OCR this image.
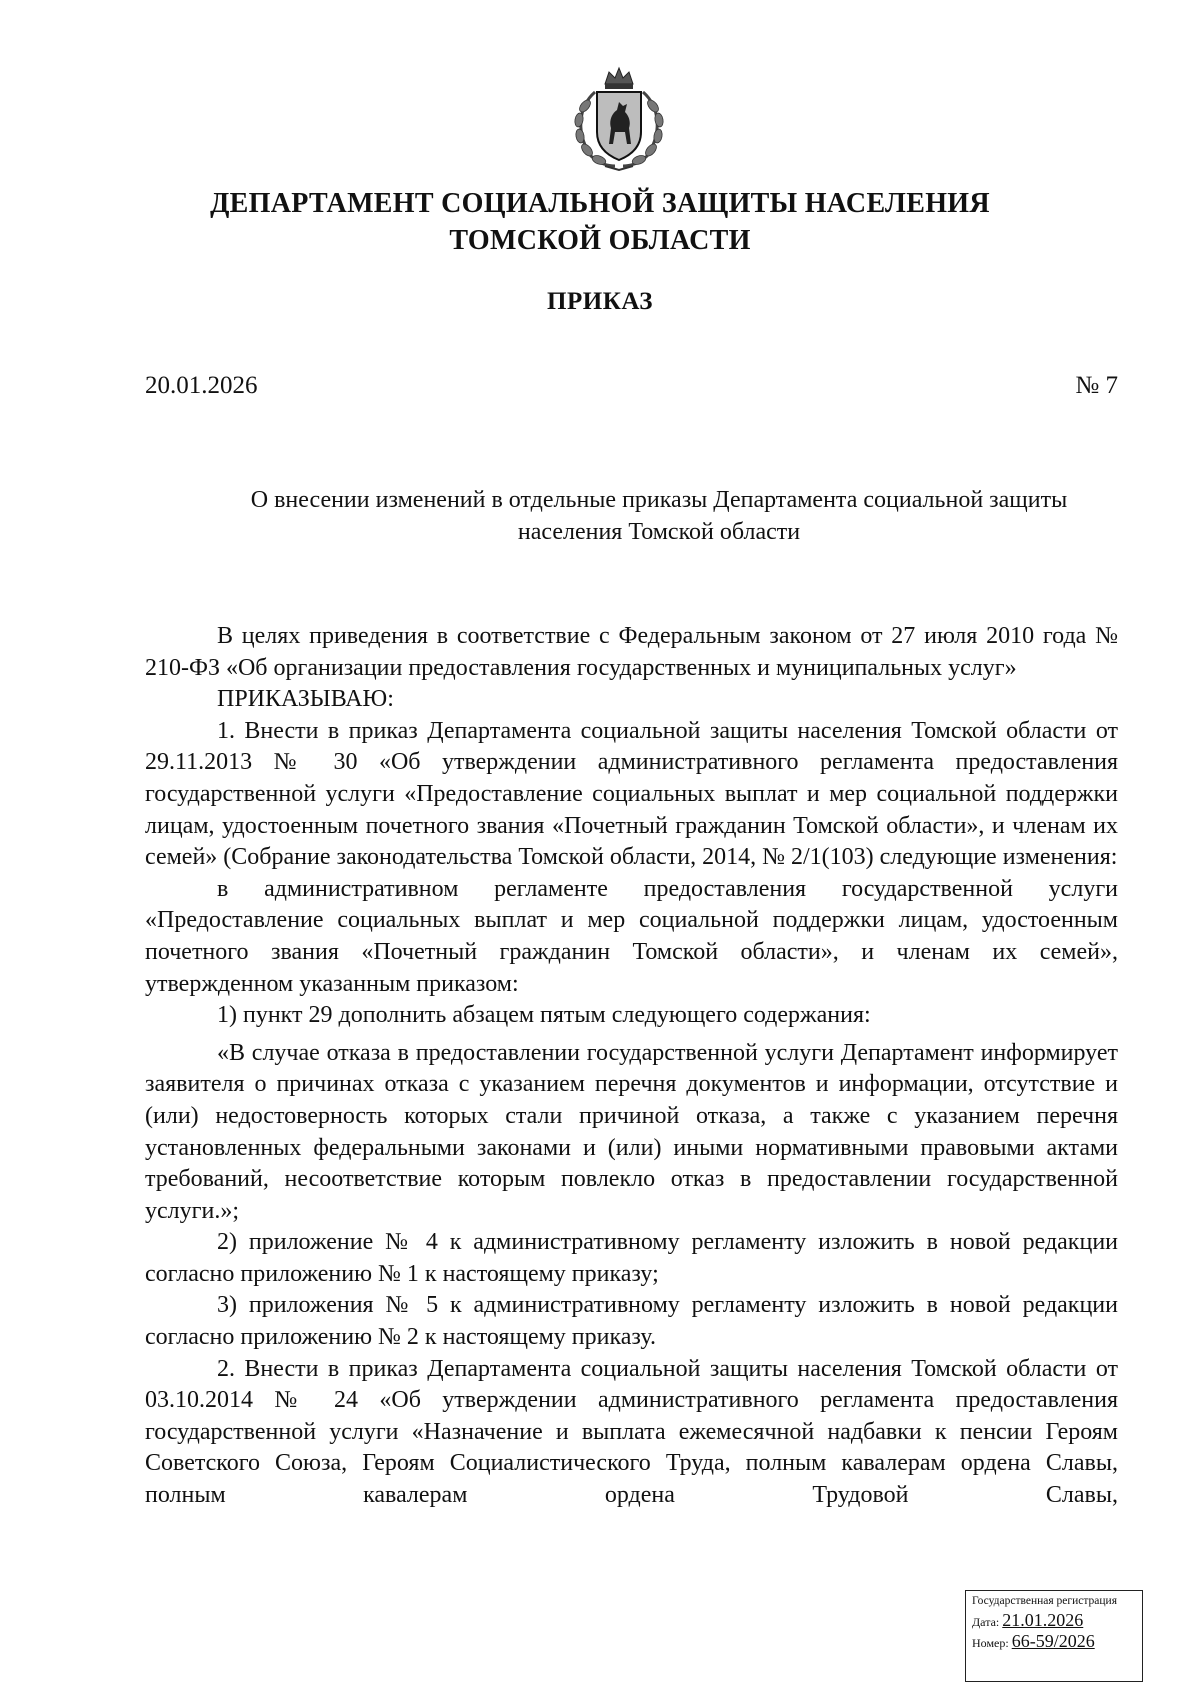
ДЕПАРТАМЕНТ СОЦИАЛЬНОЙ ЗАЩИТЫ НАСЕЛЕНИЯ
ТОМСКОЙ ОБЛАСТИ
ПРИКАЗ
20.01.2026	№ 7
О внесении изменений в отдельные приказы Департамента социальной защиты
населения Томской области

В целях приведения в соответствие с Федеральным законом от 27 июля 2010 года № 210-ФЗ «Об организации предоставления государственных и муниципальных услуг»

ПРИКАЗЫВАЮ:

1. Внести в приказ Департамента социальной защиты населения Томской области от 29.11.2013 № 30 «Об утверждении административного регламента предоставления государственной услуги «Предоставление социальных выплат и мер социальной поддержки лицам, удостоенным почетного звания «Почетный гражданин Томской области», и членам их семей» (Собрание законодательства Томской области, 2014, № 2/1(103) следующие изменения:

в административном регламенте предоставления государственной услуги «Предоставление социальных выплат и мер социальной поддержки лицам, удостоенным почетного звания «Почетный гражданин Томской области», и членам их семей», утвержденном указанным приказом:

1) пункт 29 дополнить абзацем пятым следующего содержания:

«В случае отказа в предоставлении государственной услуги Департамент информирует заявителя о причинах отказа с указанием перечня документов и информации, отсутствие и (или) недостоверность которых стали причиной отказа, а также с указанием перечня установленных федеральными законами и (или) иными нормативными правовыми актами требований, несоответствие которым повлекло отказ в предоставлении государственной услуги.»;

2) приложение № 4 к административному регламенту изложить в новой редакции согласно приложению № 1 к настоящему приказу;

3) приложения № 5 к административному регламенту изложить в новой редакции согласно приложению № 2 к настоящему приказу.

2. Внести в приказ Департамента социальной защиты населения Томской области от 03.10.2014 № 24 «Об утверждении административного регламента предоставления государственной услуги «Назначение и выплата ежемесячной надбавки к пенсии Героям Советского Союза, Героям Социалистического Труда, полным кавалерам ордена Славы, полным кавалерам ордена Трудовой Славы,

Государственная регистрация
Дата: 21.01.2026
Номер: 66-59/2026
